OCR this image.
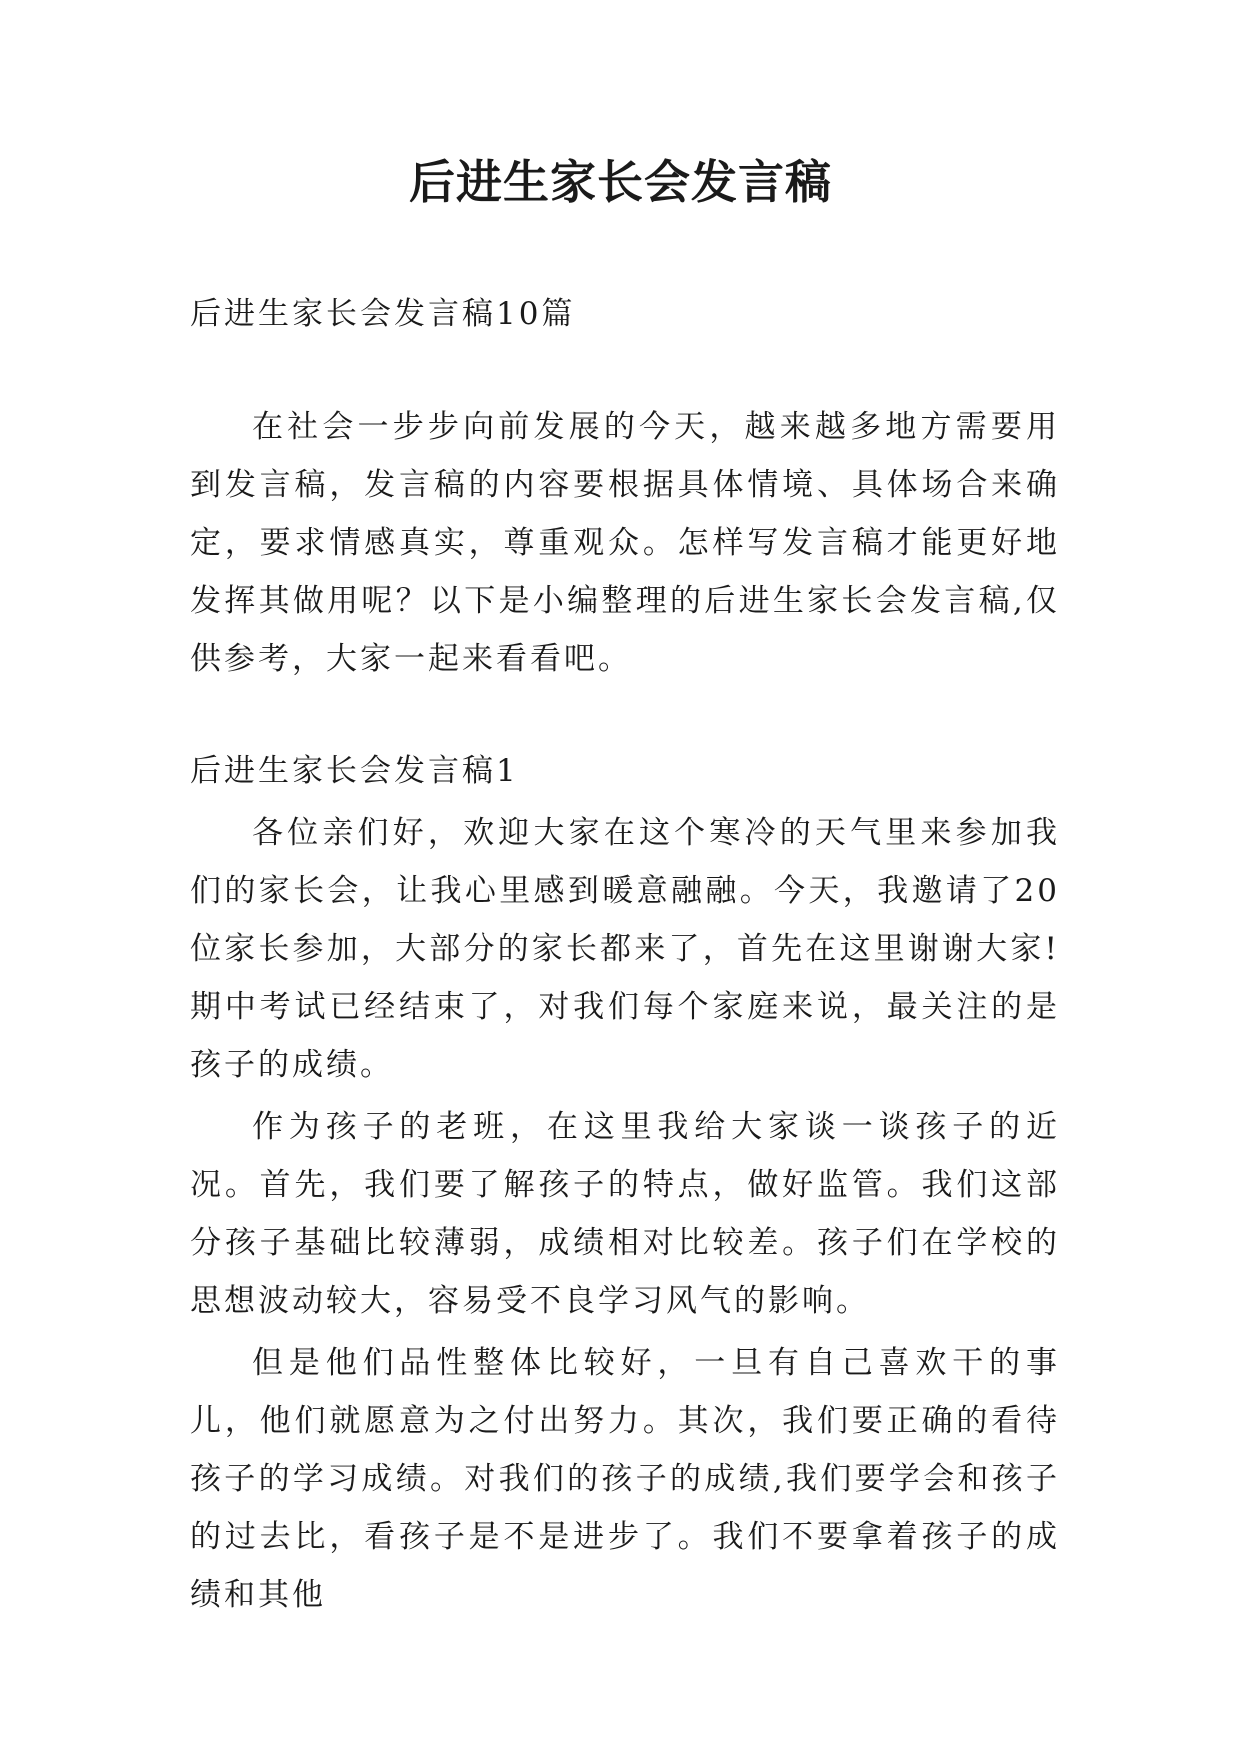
后进生家长会发言稿

后进生家长会发言稿10篇

在社会一步步向前发展的今天，越来越多地方需要用到发言稿，发言稿的内容要根据具体情境、具体场合来确定，要求情感真实，尊重观众。怎样写发言稿才能更好地发挥其做用呢？以下是小编整理的后进生家长会发言稿,仅供参考，大家一起来看看吧。

后进生家长会发言稿1

各位亲们好，欢迎大家在这个寒冷的天气里来参加我们的家长会，让我心里感到暖意融融。今天，我邀请了20位家长参加，大部分的家长都来了，首先在这里谢谢大家!期中考试已经结束了，对我们每个家庭来说，最关注的是孩子的成绩。

作为孩子的老班，在这里我给大家谈一谈孩子的近况。首先，我们要了解孩子的特点，做好监管。我们这部分孩子基础比较薄弱，成绩相对比较差。孩子们在学校的思想波动较大，容易受不良学习风气的影响。

但是他们品性整体比较好，一旦有自己喜欢干的事儿，他们就愿意为之付出努力。其次，我们要正确的看待孩子的学习成绩。对我们的孩子的成绩,我们要学会和孩子的过去比，看孩子是不是进步了。我们不要拿着孩子的成绩和其他
